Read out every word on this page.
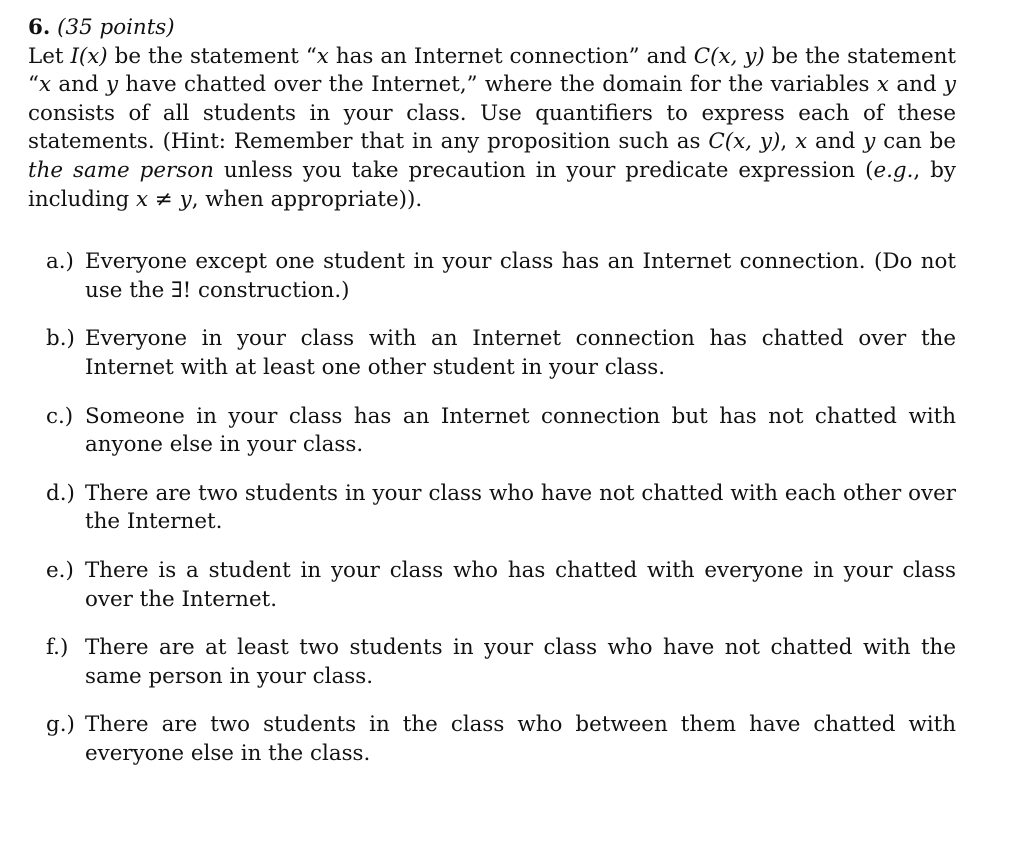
6. (35 points)
Let I(x) be the statement “x has an Internet connection” and C(x, y) be the statement “x and y have chatted over the Internet,” where the domain for the variables x and y consists of all students in your class. Use quantifiers to express each of these statements. (Hint: Remember that in any proposition such as C(x, y), x and y can be the same person unless you take precaution in your predicate expression (e.g., by including x ≠ y, when appropriate)).
a.) Everyone except one student in your class has an Internet connection. (Do not use the ∃! construction.)
b.) Everyone in your class with an Internet connection has chatted over the Internet with at least one other student in your class.
c.) Someone in your class has an Internet connection but has not chatted with anyone else in your class.
d.) There are two students in your class who have not chatted with each other over the Internet.
e.) There is a student in your class who has chatted with everyone in your class over the Internet.
f.) There are at least two students in your class who have not chatted with the same person in your class.
g.) There are two students in the class who between them have chatted with everyone else in the class.
